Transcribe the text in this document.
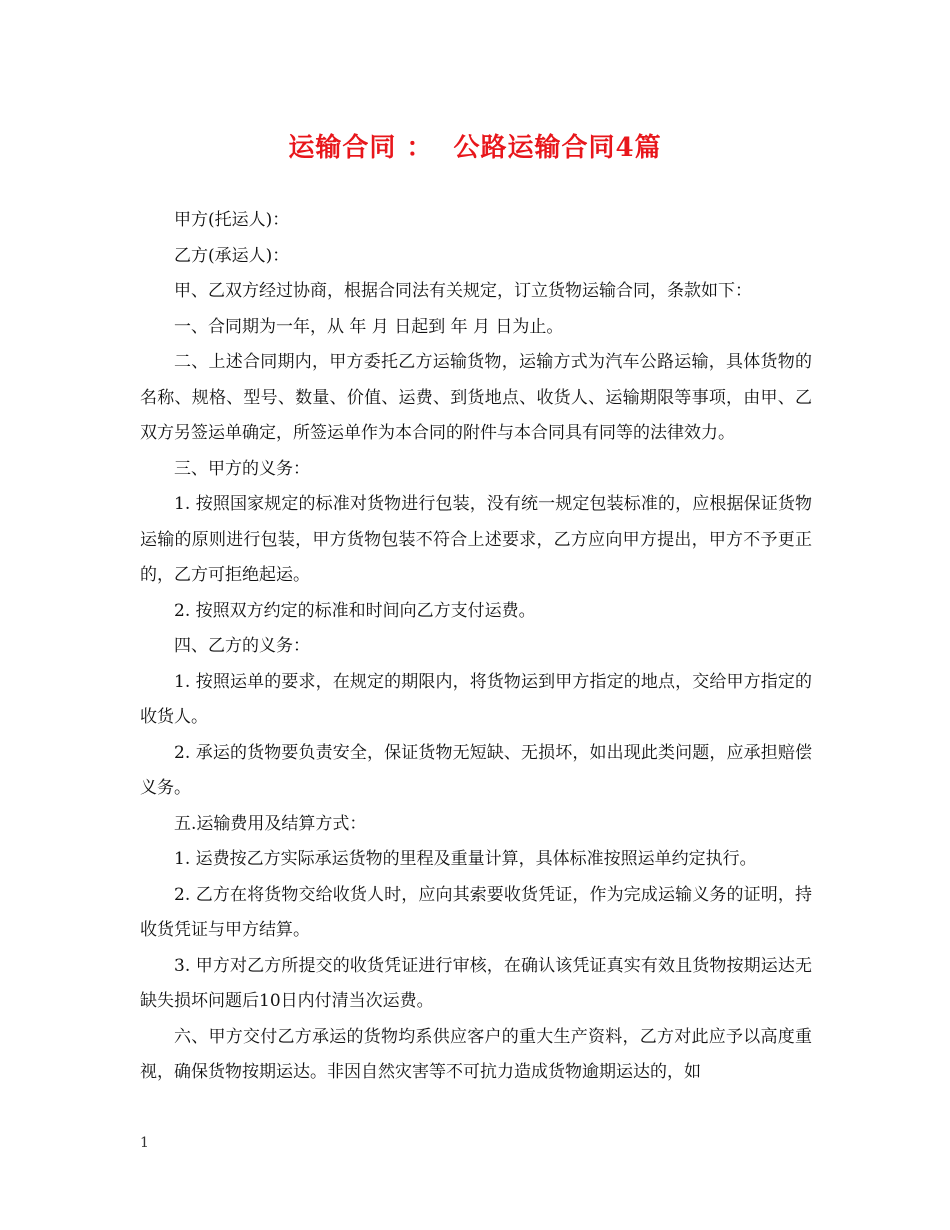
运输合同 ：  公路运输合同4篇

甲方(托运人)：

乙方(承运人)：

甲、乙双方经过协商，根据合同法有关规定，订立货物运输合同，条款如下：

一、合同期为一年，从 年 月 日起到 年 月 日为止。

二、上述合同期内，甲方委托乙方运输货物，运输方式为汽车公路运输，具体货物的名称、规格、型号、数量、价值、运费、到货地点、收货人、运输期限等事项，由甲、乙双方另签运单确定，所签运单作为本合同的附件与本合同具有同等的法律效力。

三、甲方的义务：

1. 按照国家规定的标准对货物进行包装，没有统一规定包装标准的，应根据保证货物运输的原则进行包装，甲方货物包装不符合上述要求，乙方应向甲方提出，甲方不予更正的，乙方可拒绝起运。

2. 按照双方约定的标准和时间向乙方支付运费。

四、乙方的义务：

1. 按照运单的要求，在规定的期限内，将货物运到甲方指定的地点，交给甲方指定的收货人。

2. 承运的货物要负责安全，保证货物无短缺、无损坏，如出现此类问题，应承担赔偿义务。

五.运输费用及结算方式：

1. 运费按乙方实际承运货物的里程及重量计算，具体标准按照运单约定执行。

2. 乙方在将货物交给收货人时，应向其索要收货凭证，作为完成运输义务的证明，持收货凭证与甲方结算。

3. 甲方对乙方所提交的收货凭证进行审核，在确认该凭证真实有效且货物按期运达无缺失损坏问题后10日内付清当次运费。

六、甲方交付乙方承运的货物均系供应客户的重大生产资料，乙方对此应予以高度重视，确保货物按期运达。非因自然灾害等不可抗力造成货物逾期运达的，如

1
